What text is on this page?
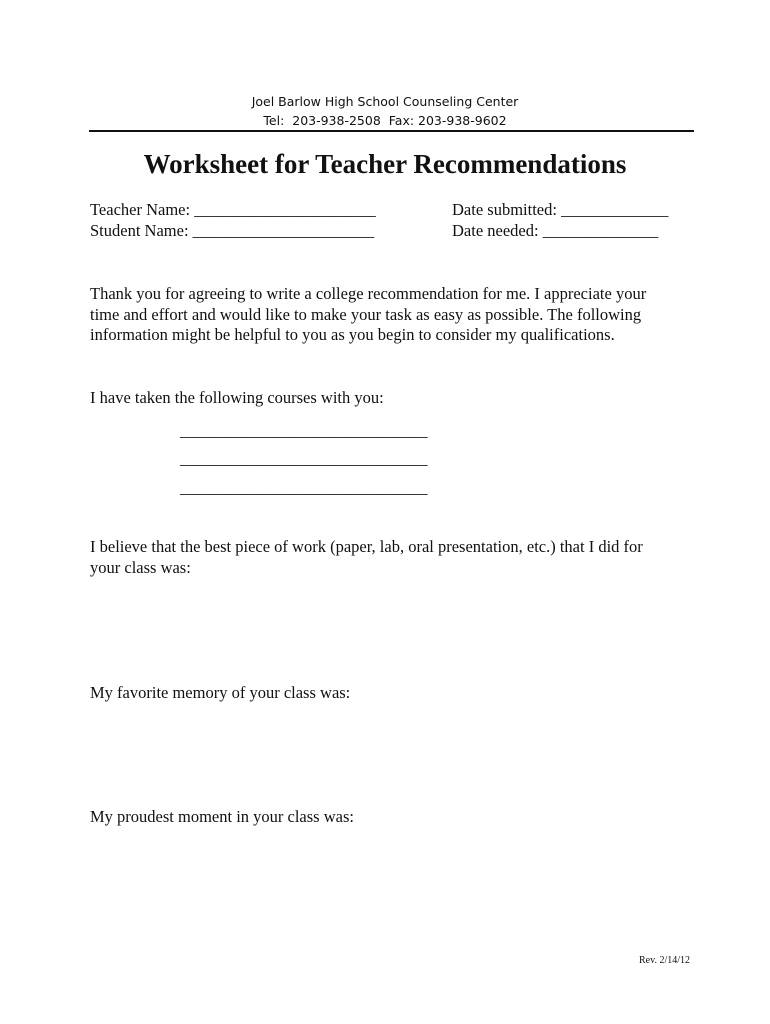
Joel Barlow High School Counseling Center
Tel:  203-938-2508  Fax: 203-938-9602
Worksheet for Teacher Recommendations
Teacher Name: ______________________
Student Name: ______________________
Date submitted: _____________
Date needed: ______________
Thank you for agreeing to write a college recommendation for me. I appreciate your
time and effort and would like to make your task as easy as possible. The following
information might be helpful to you as you begin to consider my qualifications.
I have taken the following courses with you:
______________________________
______________________________
______________________________
I believe that the best piece of work (paper, lab, oral presentation, etc.) that I did for
your class was:
My favorite memory of your class was:
My proudest moment in your class was:
Rev. 2/14/12
